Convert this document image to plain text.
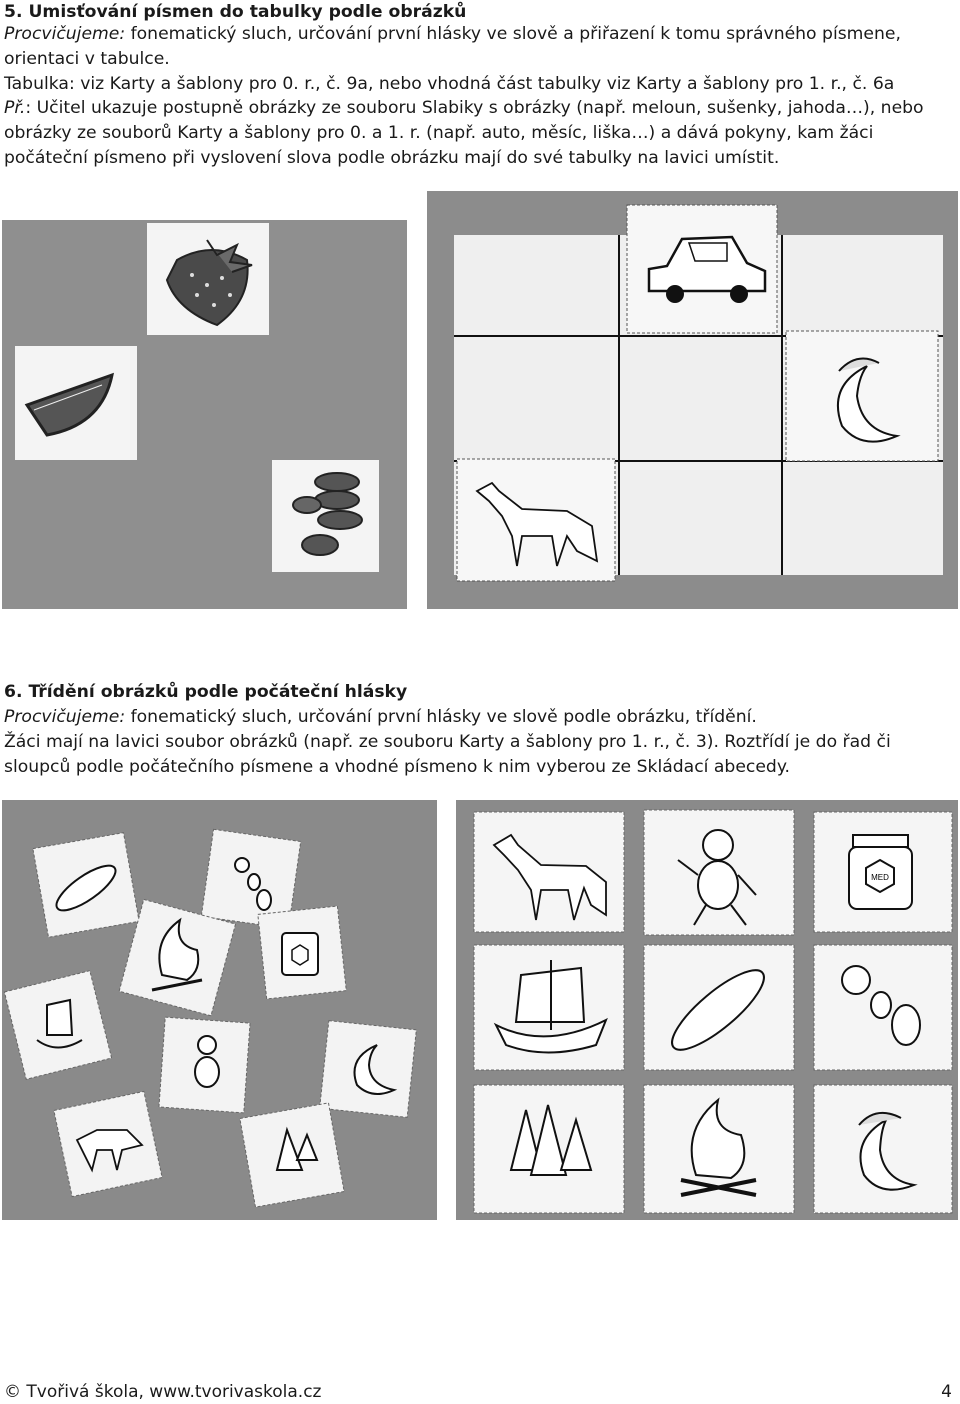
5. Umisťování písmen do tabulky podle obrázků
Procvičujeme: fonematický sluch, určování první hlásky ve slově a přiřazení k tomu správného písmene, orientaci v tabulce.
Tabulka: viz Karty a šablony pro 0. r., č. 9a, nebo vhodná část tabulky viz Karty a šablony pro 1. r., č. 6a
Př.: Učitel ukazuje postupně obrázky ze souboru Slabiky s obrázky (např. meloun, sušenky, jahoda…), nebo obrázky ze souborů Karty a šablony pro 0. a 1. r. (např. auto, měsíc, liška…) a dává pokyny, kam žáci počáteční písmeno při vyslovení slova podle obrázku mají do své tabulky na lavici umístit.
6. Třídění obrázků podle počáteční hlásky
Procvičujeme: fonematický sluch, určování první hlásky ve slově podle obrázku, třídění.
Žáci mají na lavici soubor obrázků (např. ze souboru Karty a šablony pro 1. r., č. 3). Roztřídí je do řad či sloupců podle počátečního písmene a vhodné písmeno k nim vyberou ze Skládací abecedy.
MED
© Tvořivá škola, www.tvorivaskola.cz	4
